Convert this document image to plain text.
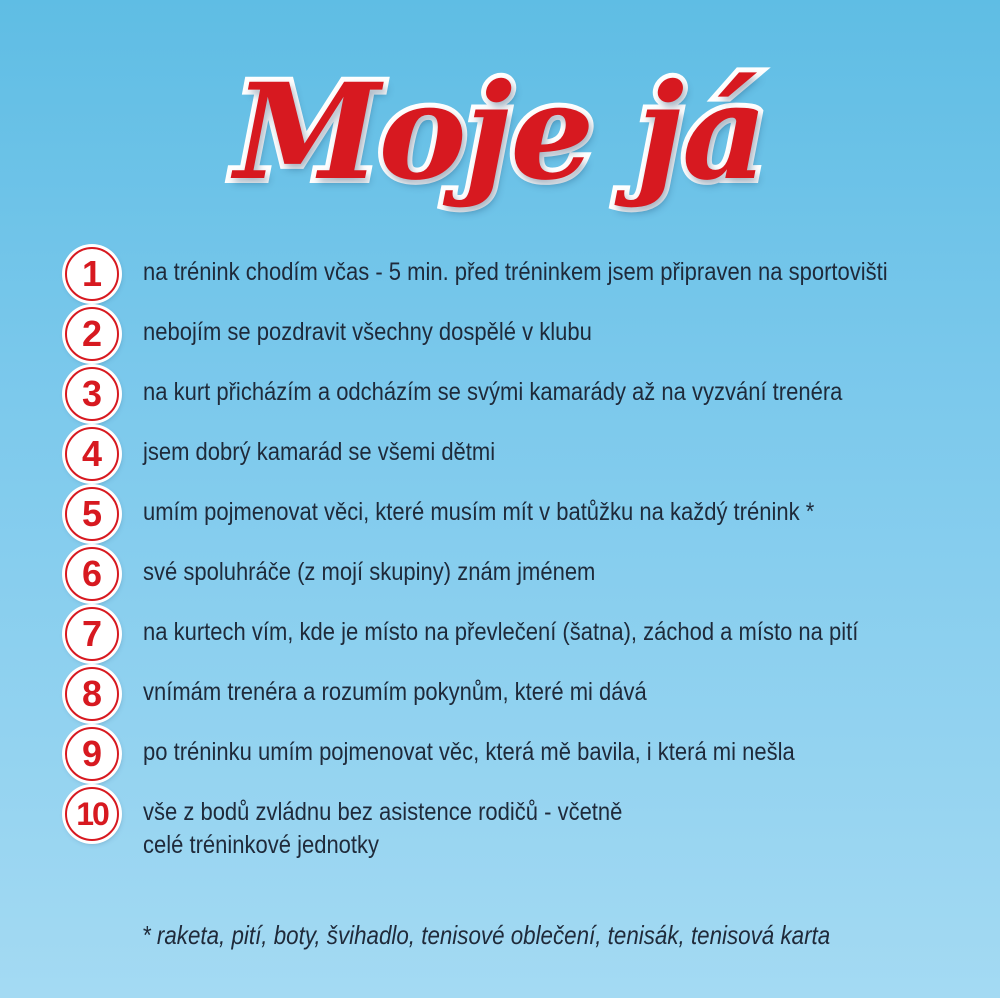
Moje já
1	na trénink chodím včas - 5 min. před tréninkem jsem připraven na sportovišti
2	nebojím se pozdravit všechny dospělé v klubu
3	na kurt přicházím a odcházím se svými kamarády až na vyzvání trenéra
4	jsem dobrý kamarád se všemi dětmi
5	umím pojmenovat věci, které musím mít v batůžku na každý trénink *
6	své spoluhráče (z mojí skupiny) znám jménem
7	na kurtech vím, kde je místo na převlečení (šatna), záchod a místo na pití
8	vnímám trenéra a rozumím pokynům, které mi dává
9	po tréninku umím pojmenovat věc, která mě bavila, i která mi nešla
10	vše z bodů zvládnu bez asistence rodičů - včetně
celé tréninkové jednotky
* raketa, pití, boty, švihadlo, tenisové oblečení, tenisák, tenisová karta
